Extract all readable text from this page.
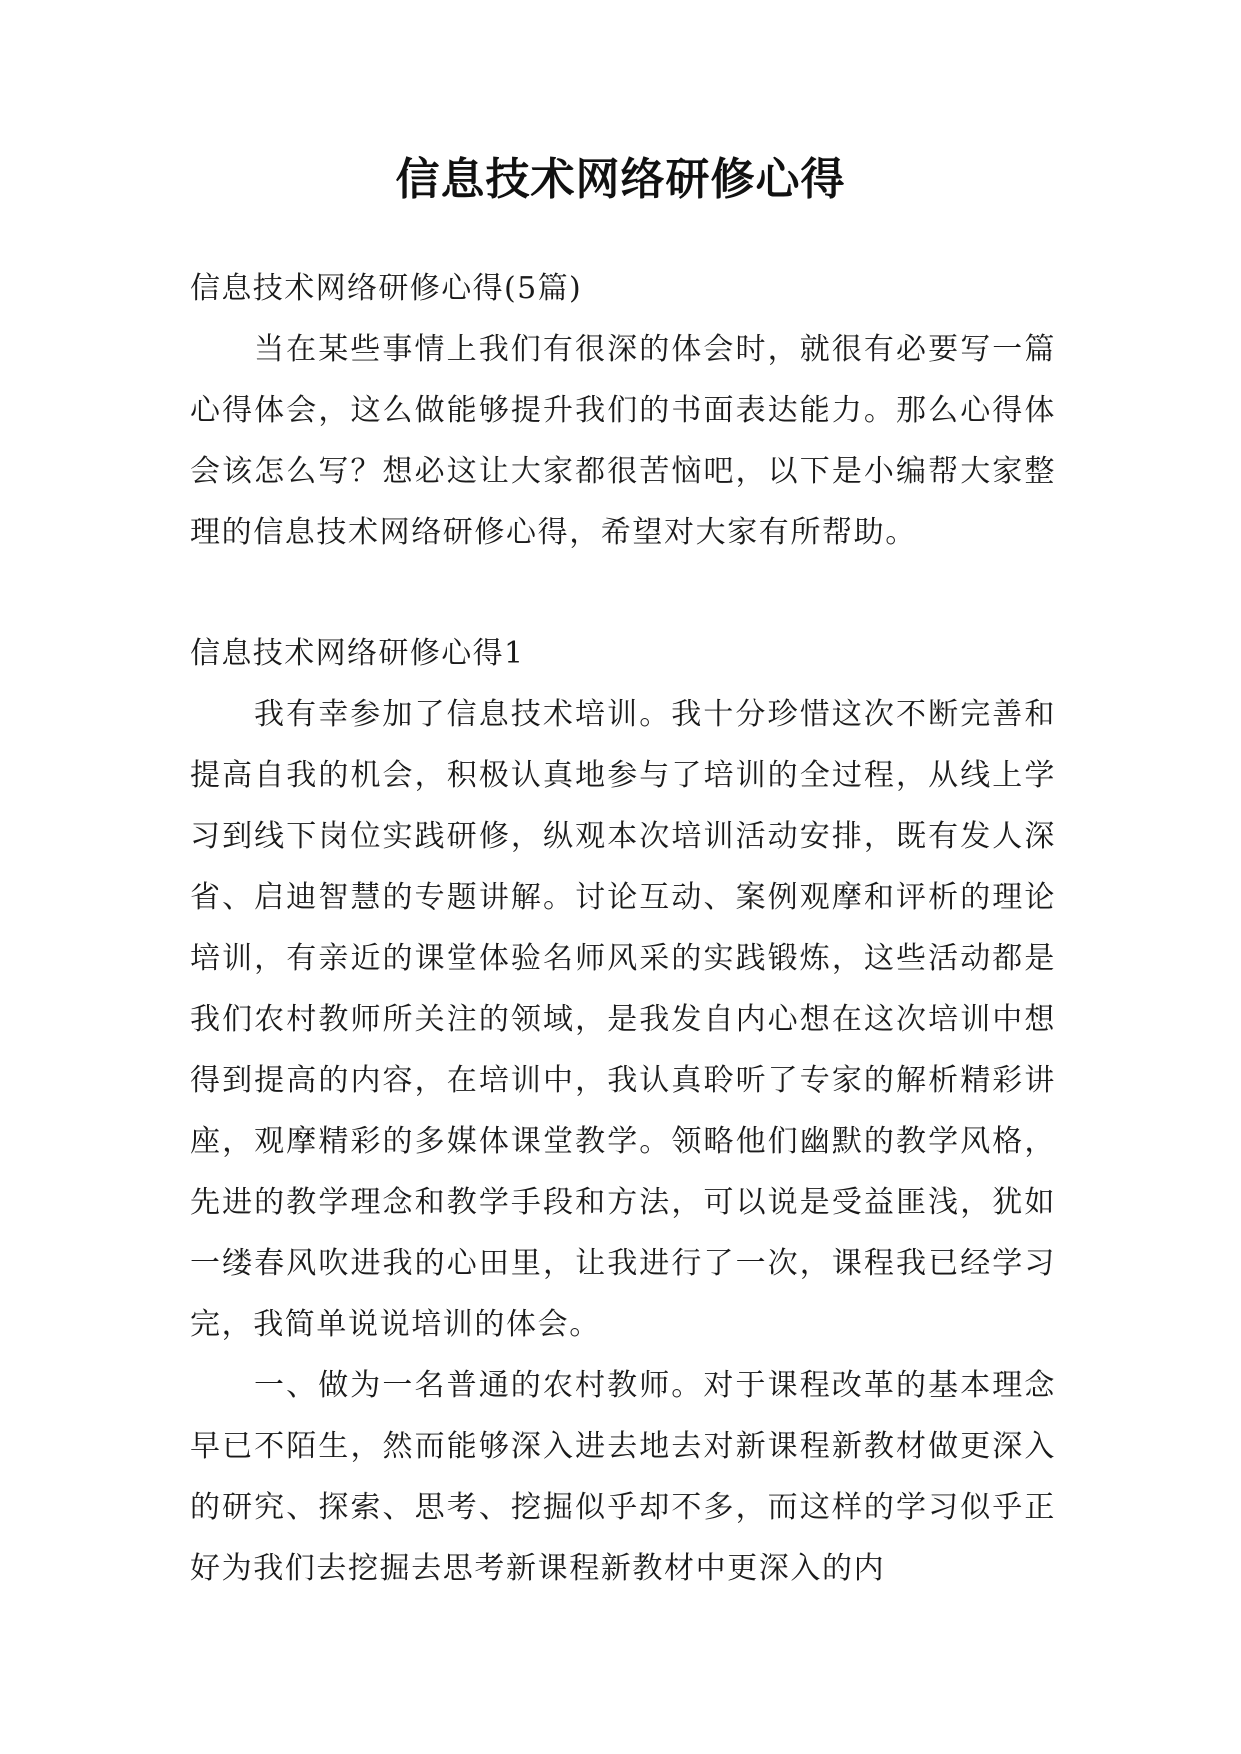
信息技术网络研修心得

信息技术网络研修心得(5篇)

当在某些事情上我们有很深的体会时，就很有必要写一篇心得体会，这么做能够提升我们的书面表达能力。那么心得体会该怎么写？想必这让大家都很苦恼吧，以下是小编帮大家整理的信息技术网络研修心得，希望对大家有所帮助。

信息技术网络研修心得1

我有幸参加了信息技术培训。我十分珍惜这次不断完善和提高自我的机会，积极认真地参与了培训的全过程，从线上学习到线下岗位实践研修，纵观本次培训活动安排，既有发人深省、启迪智慧的专题讲解。讨论互动、案例观摩和评析的理论培训，有亲近的课堂体验名师风采的实践锻炼，这些活动都是我们农村教师所关注的领域，是我发自内心想在这次培训中想得到提高的内容，在培训中，我认真聆听了专家的解析精彩讲座，观摩精彩的多媒体课堂教学。领略他们幽默的教学风格，先进的教学理念和教学手段和方法，可以说是受益匪浅，犹如一缕春风吹进我的心田里，让我进行了一次，课程我已经学习完，我简单说说培训的体会。

一、做为一名普通的农村教师。对于课程改革的基本理念早已不陌生，然而能够深入进去地去对新课程新教材做更深入的研究、探索、思考、挖掘似乎却不多，而这样的学习似乎正好为我们去挖掘去思考新课程新教材中更深入的内
